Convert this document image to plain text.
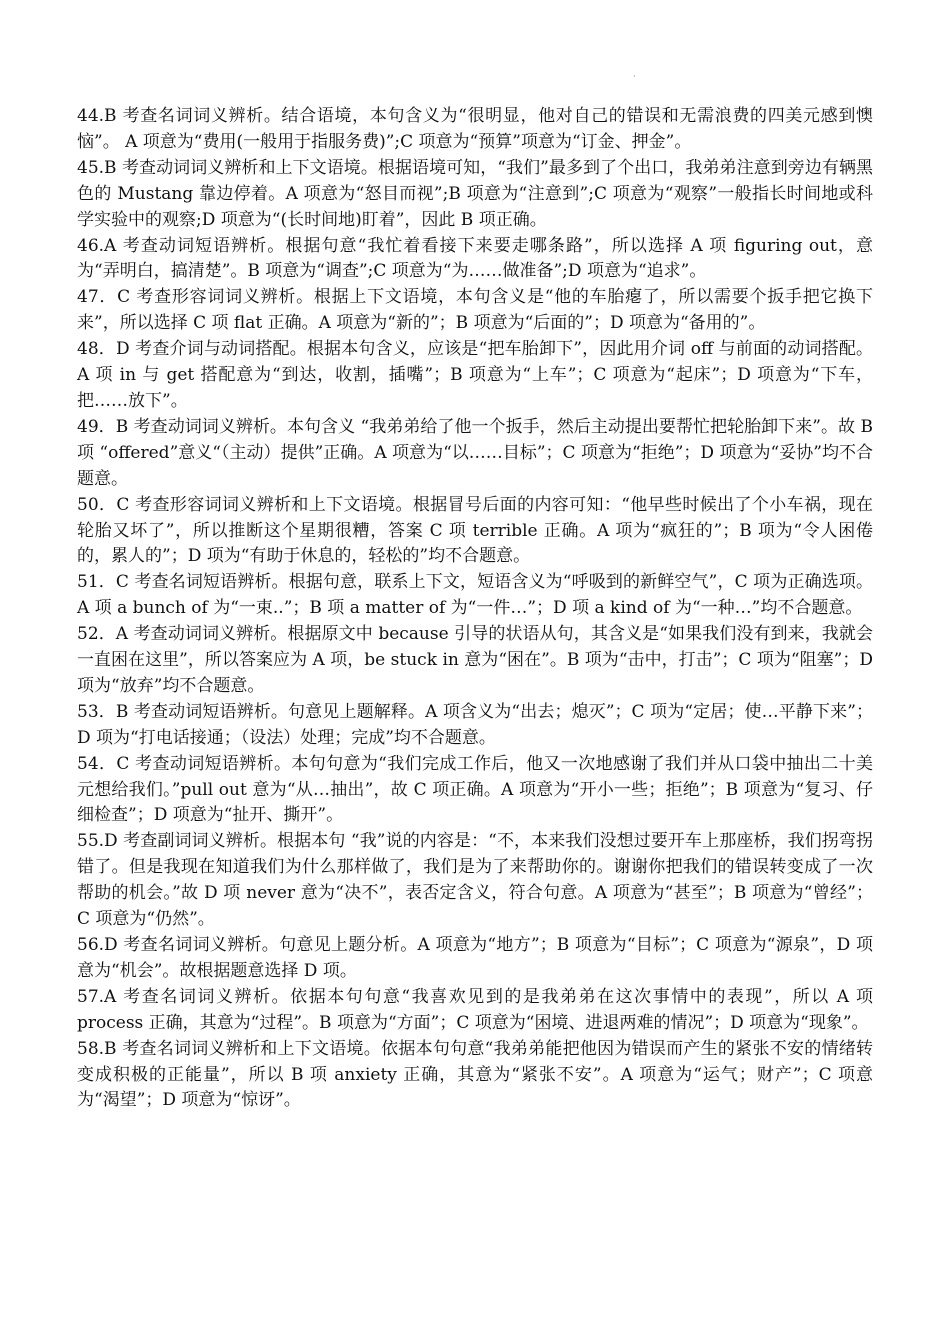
·

44.B 考查名词词义辨析。结合语境，本句含义为“很明显，他对自己的错误和无需浪费的四美元感到懊恼”。 A 项意为“费用(一般用于指服务费)”;C 项意为“预算”项意为“订金、押金”。

45.B 考查动词词义辨析和上下文语境。根据语境可知，“我们”最多到了个出口，我弟弟注意到旁边有辆黑色的 Mustang 靠边停着。A 项意为“怒目而视”;B 项意为“注意到”;C 项意为“观察”一般指长时间地或科学实验中的观察;D 项意为“(长时间地)盯着”，因此 B 项正确。

46.A 考查动词短语辨析。根据句意“我忙着看接下来要走哪条路”，所以选择 A 项 figuring out，意为“弄明白，搞清楚”。B 项意为“调查”;C 项意为“为……做准备”;D 项意为“追求”。

47．C 考查形容词词义辨析。根据上下文语境，本句含义是“他的车胎瘪了，所以需要个扳手把它换下来”，所以选择 C 项 flat 正确。A 项意为“新的”；B 项意为“后面的”；D 项意为“备用的”。

48．D 考查介词与动词搭配。根据本句含义，应该是“把车胎卸下”，因此用介词 off 与前面的动词搭配。A 项 in 与 get 搭配意为“到达，收割，插嘴”；B 项意为“上车”；C 项意为“起床”；D 项意为“下车，把……放下”。

49．B 考查动词词义辨析。本句含义 “我弟弟给了他一个扳手，然后主动提出要帮忙把轮胎卸下来”。故 B 项 “offered”意义“（主动）提供”正确。A 项意为“以……目标”；C 项意为“拒绝”；D 项意为“妥协”均不合题意。

50．C 考查形容词词义辨析和上下文语境。根据冒号后面的内容可知：“他早些时候出了个小车祸，现在轮胎又坏了”，所以推断这个星期很糟，答案 C 项 terrible 正确。A 项为“疯狂的”；B 项为“令人困倦的，累人的”；D 项为“有助于休息的，轻松的”均不合题意。

51．C 考查名词短语辨析。根据句意，联系上下文，短语含义为“呼吸到的新鲜空气”，C 项为正确选项。A 项 a bunch of 为“一束..”；B 项 a matter of 为“一件…”；D 项 a kind of 为“一种…”均不合题意。

52．A 考查动词词义辨析。根据原文中 because 引导的状语从句，其含义是“如果我们没有到来，我就会一直困在这里”，所以答案应为 A 项，be stuck in 意为“困在”。B 项为“击中，打击”；C 项为“阻塞”；D 项为“放弃”均不合题意。

53．B 考查动词短语辨析。句意见上题解释。A 项含义为“出去；熄灭”；C 项为“定居；使…平静下来”；D 项为“打电话接通；（设法）处理；完成”均不合题意。

54．C 考查动词短语辨析。本句句意为“我们完成工作后，他又一次地感谢了我们并从口袋中抽出二十美元想给我们。”pull out 意为“从…抽出”，故 C 项正确。A 项意为“开小一些；拒绝”；B 项意为“复习、仔细检查”；D 项意为“扯开、撕开”。

55.D 考查副词词义辨析。根据本句 “我”说的内容是：“不，本来我们没想过要开车上那座桥，我们拐弯拐错了。但是我现在知道我们为什么那样做了，我们是为了来帮助你的。谢谢你把我们的错误转变成了一次帮助的机会。”故 D 项 never 意为“决不”，表否定含义，符合句意。A 项意为“甚至”；B 项意为“曾经”；C 项意为“仍然”。

56.D 考查名词词义辨析。句意见上题分析。A 项意为“地方”；B 项意为“目标”；C 项意为“源泉”，D 项意为“机会”。故根据题意选择 D 项。

57.A 考查名词词义辨析。依据本句句意“我喜欢见到的是我弟弟在这次事情中的表现”，所以 A 项 process 正确，其意为“过程”。B 项意为“方面”；C 项意为“困境、进退两难的情况”；D 项意为“现象”。

58.B 考查名词词义辨析和上下文语境。依据本句句意“我弟弟能把他因为错误而产生的紧张不安的情绪转变成积极的正能量”，所以 B 项 anxiety 正确，其意为“紧张不安”。A 项意为“运气；财产”；C 项意为“渴望”；D 项意为“惊讶”。
